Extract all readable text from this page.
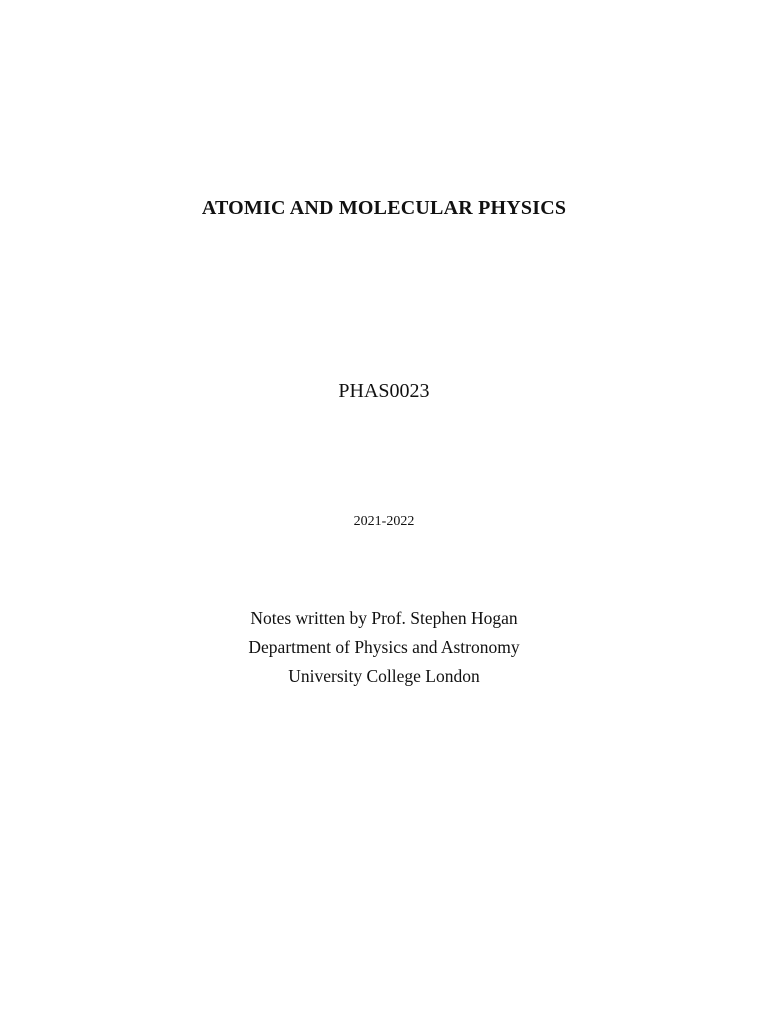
ATOMIC AND MOLECULAR PHYSICS
PHAS0023
2021-2022
Notes written by Prof. Stephen Hogan
Department of Physics and Astronomy
University College London
